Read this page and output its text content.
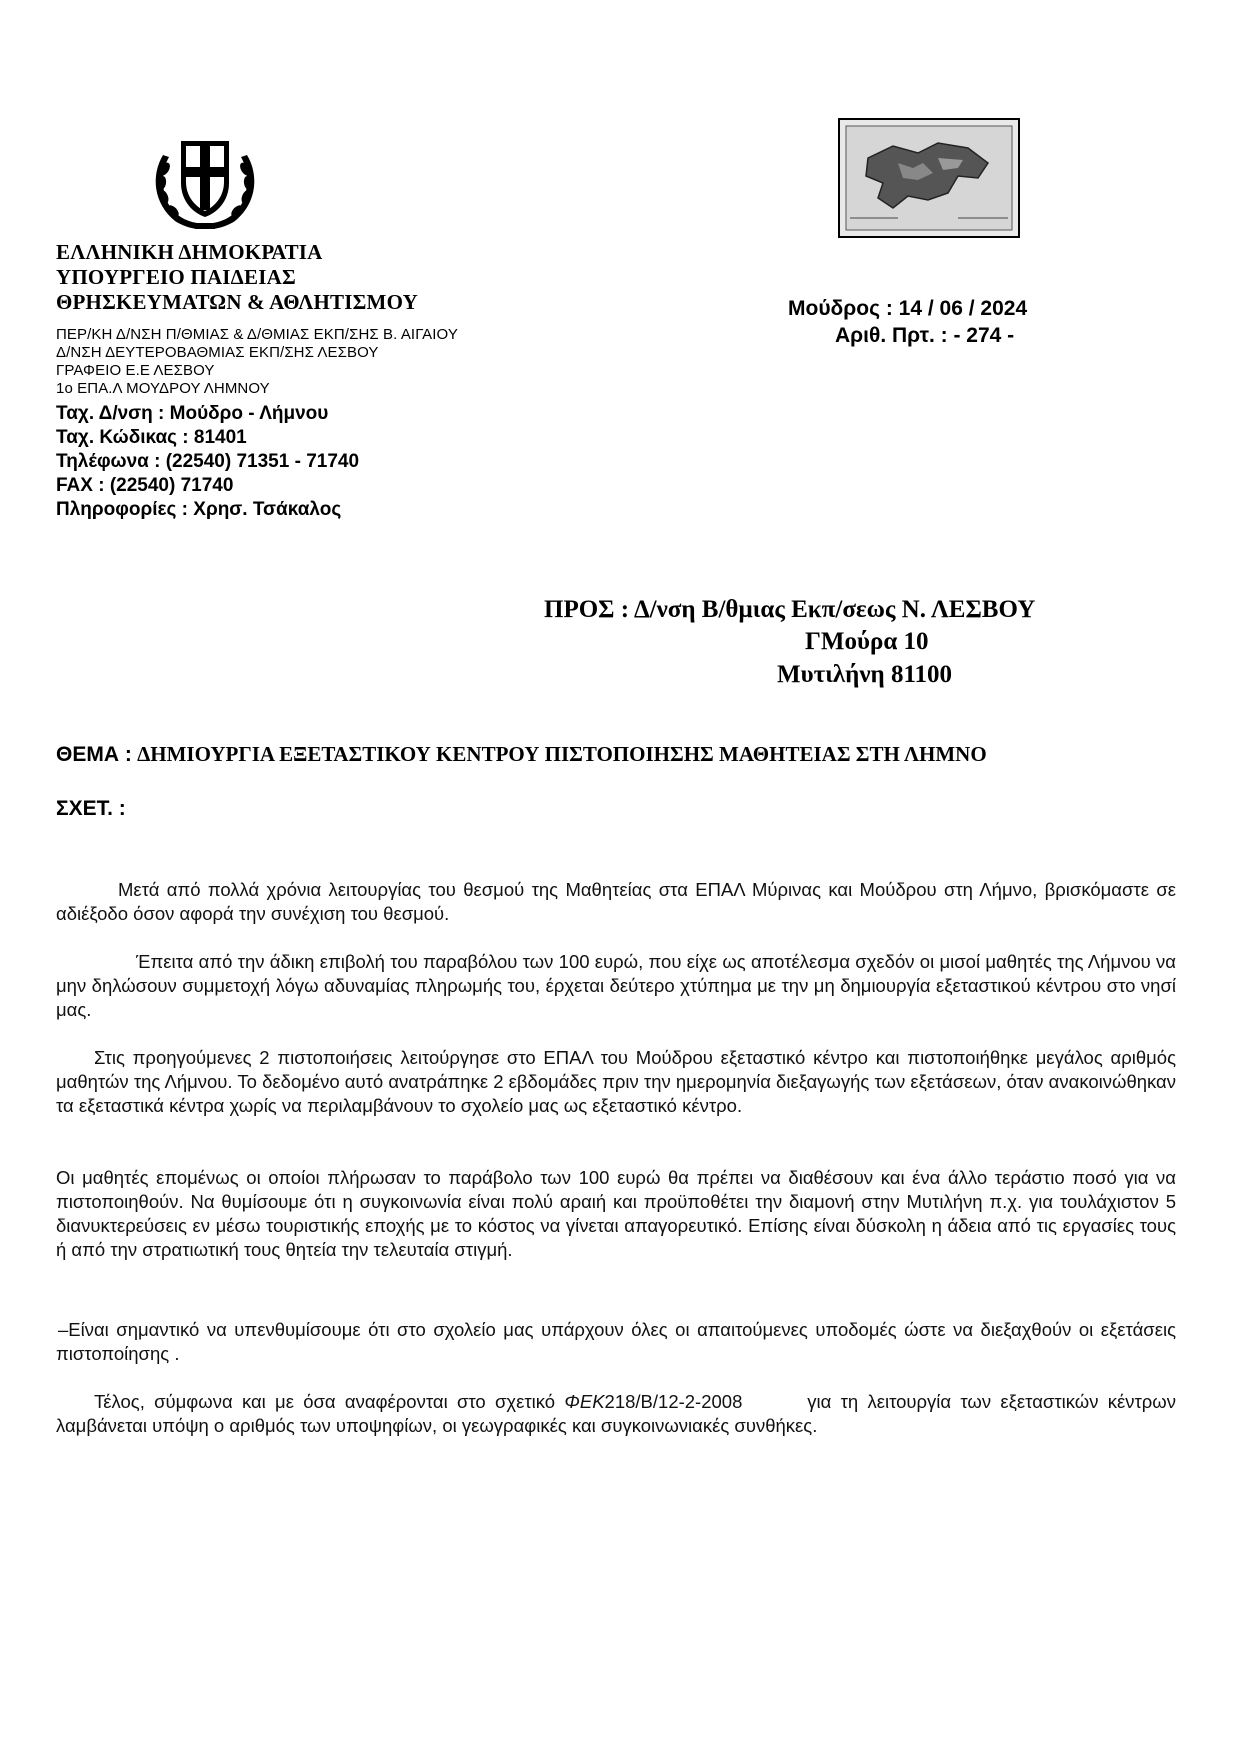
ΕΛΛΗΝΙΚΗ ΔΗΜΟΚΡΑΤΙΑ
ΥΠΟΥΡΓΕΙΟ ΠΑΙΔΕΙΑΣ
ΘΡΗΣΚΕΥΜΑΤΩΝ & ΑΘΛΗΤΙΣΜΟΥ
ΠΕΡ/ΚΗ Δ/ΝΣΗ Π/ΘΜΙΑΣ & Δ/ΘΜΙΑΣ ΕΚΠ/ΣΗΣ Β. ΑΙΓΑΙΟΥ
Δ/ΝΣΗ ΔΕΥΤΕΡΟΒΑΘΜΙΑΣ ΕΚΠ/ΣΗΣ ΛΕΣΒΟΥ
ΓΡΑΦΕΙΟ Ε.Ε ΛΕΣΒΟΥ
1ο ΕΠΑ.Λ ΜΟΥΔΡΟΥ ΛΗΜΝΟΥ
Ταχ. Δ/νση : Μούδρο - Λήμνου
Ταχ. Κώδικας : 81401
Τηλέφωνα : (22540) 71351 - 71740
FAX : (22540) 71740
Πληροφορίες : Χρησ. Τσάκαλος
Μούδρος : 14 / 06 / 2024
Αριθ. Πρτ. : - 274 -
ΠΡΟΣ : Δ/νση Β/θμιας Εκπ/σεως Ν. ΛΕΣΒΟΥ
ΓΜούρα 10
Μυτιλήνη 81100
ΘΕΜΑ : ΔΗΜΙΟΥΡΓΙΑ ΕΞΕΤΑΣΤΙΚΟΥ ΚΕΝΤΡΟΥ ΠΙΣΤΟΠΟΙΗΣΗΣ ΜΑΘΗΤΕΙΑΣ ΣΤΗ ΛΗΜΝΟ
ΣΧΕΤ. :
Μετά από πολλά χρόνια λειτουργίας του θεσμού της Μαθητείας στα ΕΠΑΛ Μύρινας και Μούδρου στη Λήμνο, βρισκόμαστε σε αδιέξοδο όσον αφορά την συνέχιση του θεσμού.
Έπειτα από την άδικη επιβολή του παραβόλου των 100 ευρώ, που είχε ως αποτέλεσμα σχεδόν οι μισοί μαθητές της Λήμνου να μην δηλώσουν συμμετοχή λόγω αδυναμίας πληρωμής του, έρχεται δεύτερο χτύπημα με την μη δημιουργία εξεταστικού κέντρου στο νησί μας.
Στις προηγούμενες 2 πιστοποιήσεις λειτούργησε στο ΕΠΑΛ του Μούδρου εξεταστικό κέντρο και πιστοποιήθηκε μεγάλος αριθμός μαθητών της Λήμνου. Το δεδομένο αυτό ανατράπηκε 2 εβδομάδες πριν την ημερομηνία διεξαγωγής των εξετάσεων, όταν ανακοινώθηκαν τα εξεταστικά κέντρα χωρίς να περιλαμβάνουν το σχολείο μας ως εξεταστικό κέντρο.
Οι μαθητές επομένως οι οποίοι πλήρωσαν το παράβολο των 100 ευρώ θα πρέπει να διαθέσουν και ένα άλλο τεράστιο ποσό για να πιστοποιηθούν. Να θυμίσουμε ότι η συγκοινωνία είναι πολύ αραιή και προϋποθέτει την διαμονή στην Μυτιλήνη π.χ. για τουλάχιστον 5 διανυκτερεύσεις εν μέσω τουριστικής εποχής με το κόστος να γίνεται απαγορευτικό. Επίσης είναι δύσκολη η άδεια από τις εργασίες τους ή από την στρατιωτική τους θητεία την τελευταία στιγμή.
–Είναι σημαντικό να υπενθυμίσουμε ότι στο σχολείο μας υπάρχουν όλες οι απαιτούμενες υποδομές ώστε να διεξαχθούν οι εξετάσεις πιστοποίησης .
Τέλος, σύμφωνα και με όσα αναφέρονται στο σχετικό ΦΕΚ218/Β/12-2-2008	για τη λειτουργία των εξεταστικών κέντρων λαμβάνεται υπόψη ο αριθμός των υποψηφίων, οι γεωγραφικές και συγκοινωνιακές συνθήκες.
